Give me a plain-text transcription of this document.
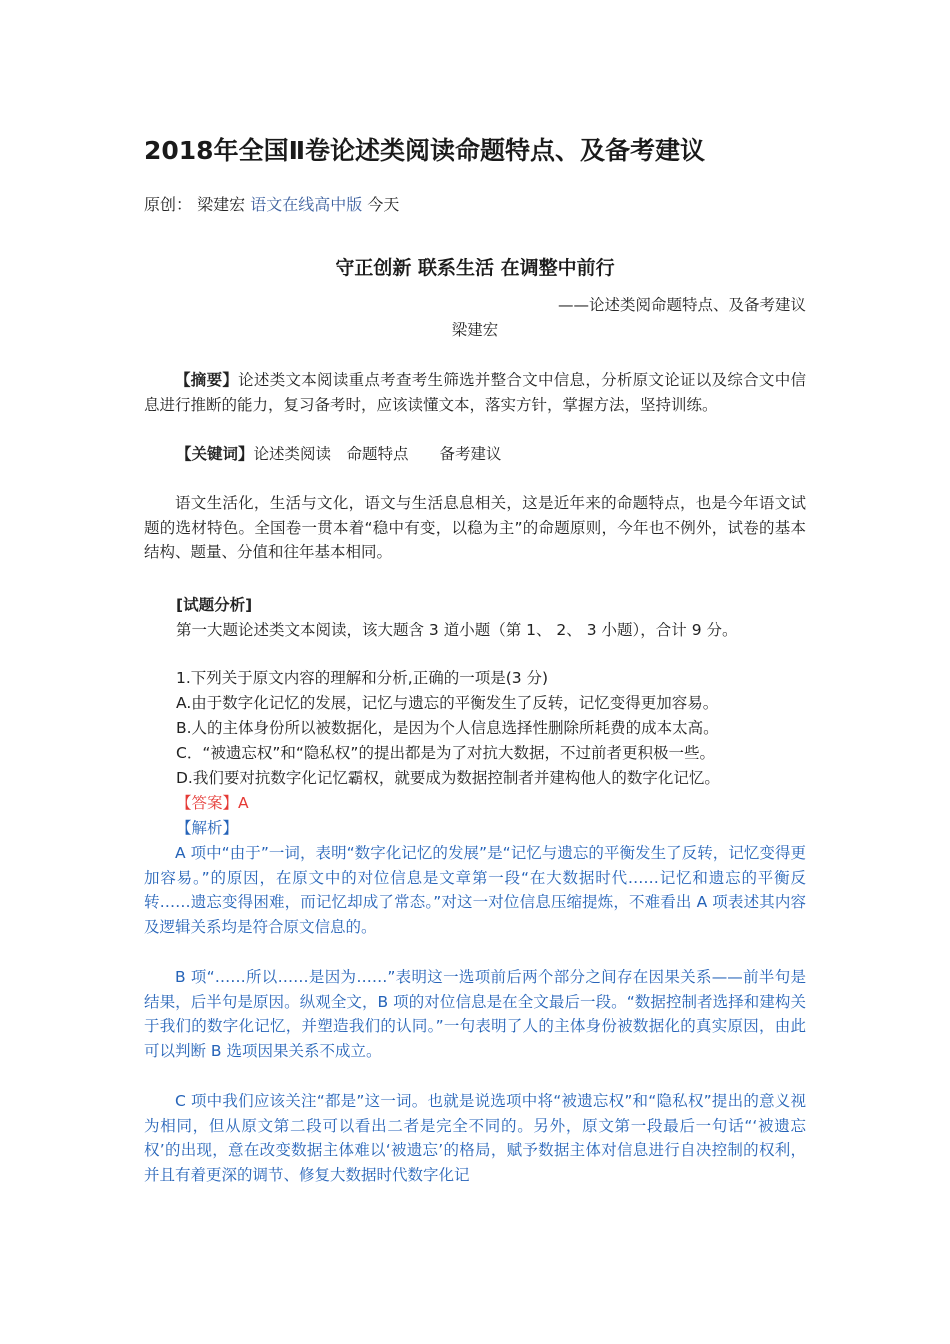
2018年全国Ⅱ卷论述类阅读命题特点、及备考建议
原创： 梁建宏 语文在线高中版 今天
守正创新 联系生活 在调整中前行
——论述类阅命题特点、及备考建议
梁建宏

【摘要】论述类文本阅读重点考查考生筛选并整合文中信息，分析原文论证以及综合文中信息进行推断的能力，复习备考时，应该读懂文本，落实方针，掌握方法，坚持训练。

【关键词】论述类阅读　命题特点　　备考建议

语文生活化，生活与文化，语文与生活息息相关，这是近年来的命题特点，也是今年语文试题的选材特色。全国卷一贯本着“稳中有变，以稳为主”的命题原则，今年也不例外，试卷的基本结构、题量、分值和往年基本相同。

[试题分析]
第一大题论述类文本阅读，该大题含 3 道小题（第 1、 2、 3 小题），合计 9 分。
1.下列关于原文内容的理解和分析,正确的一项是(3 分)
A.由于数字化记忆的发展，记忆与遗忘的平衡发生了反转，记忆变得更加容易。
B.人的主体身份所以被数据化，是因为个人信息选择性删除所耗费的成本太高。
C．“被遗忘权”和“隐私权”的提出都是为了对抗大数据，不过前者更积极一些。
D.我们要对抗数字化记忆霸权，就要成为数据控制者并建构他人的数字化记忆。
【答案】A
【解析】

A 项中“由于”一词，表明“数字化记忆的发展”是“记忆与遗忘的平衡发生了反转，记忆变得更加容易。”的原因，在原文中的对位信息是文章第一段“在大数据时代……记忆和遗忘的平衡反转……遗忘变得困难，而记忆却成了常态。”对这一对位信息压缩提炼，不难看出 A 项表述其内容及逻辑关系均是符合原文信息的。

B 项“……所以……是因为……”表明这一选项前后两个部分之间存在因果关系——前半句是结果，后半句是原因。纵观全文，B 项的对位信息是在全文最后一段。“数据控制者选择和建构关于我们的数字化记忆，并塑造我们的认同。”一句表明了人的主体身份被数据化的真实原因，由此可以判断 B 选项因果关系不成立。

C 项中我们应该关注“都是”这一词。也就是说选项中将“被遗忘权”和“隐私权”提出的意义视为相同，但从原文第二段可以看出二者是完全不同的。另外，原文第一段最后一句话“‘被遗忘权’的出现，意在改变数据主体难以‘被遗忘’的格局，赋予数据主体对信息进行自决控制的权利，并且有着更深的调节、修复大数据时代数字化记
